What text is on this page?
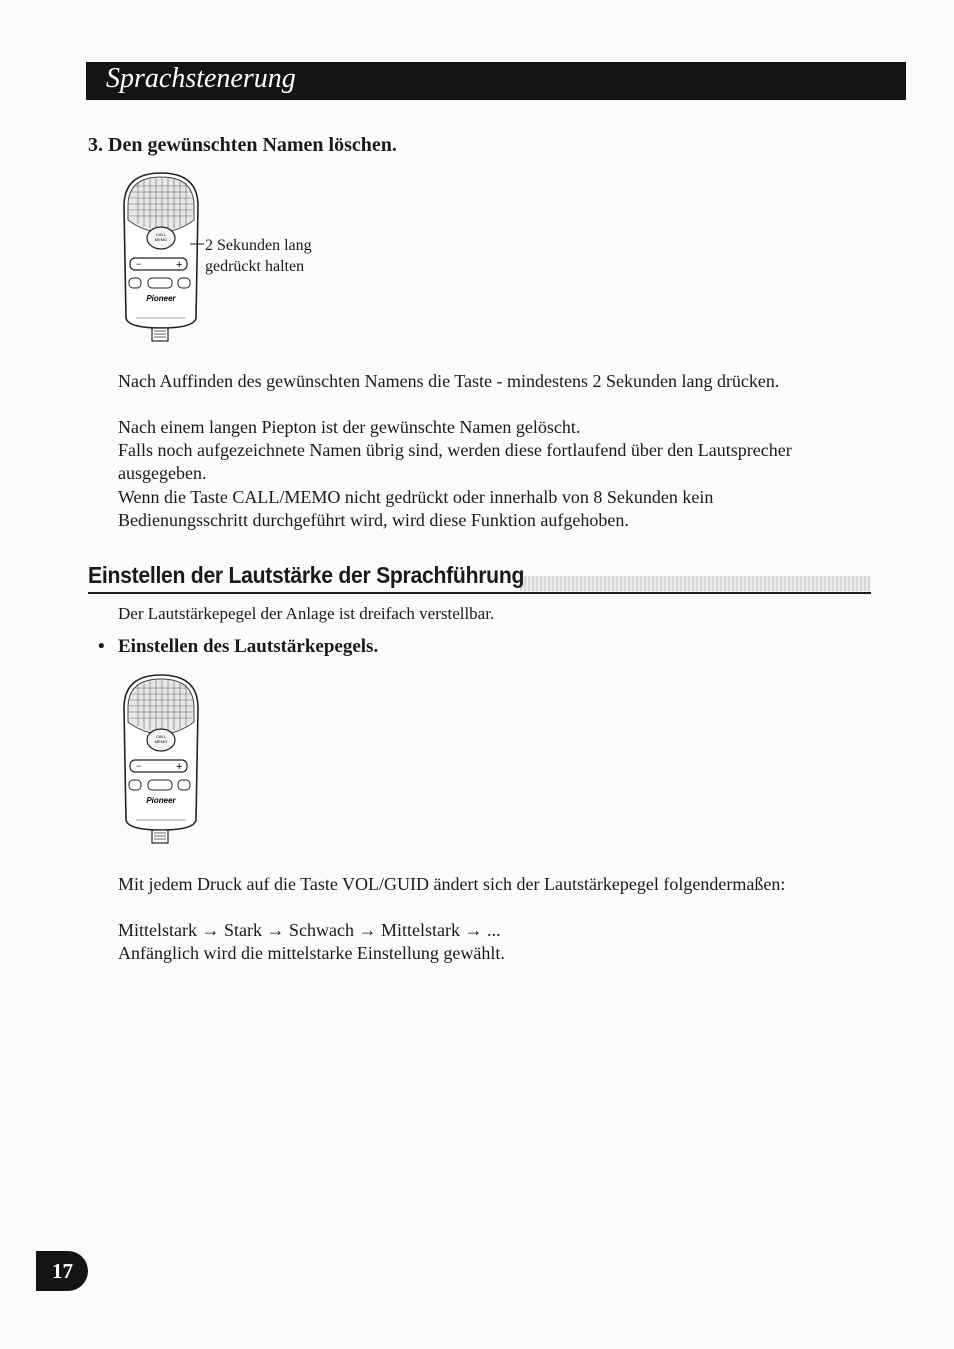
Sprachstenerung
3. Den gewünschten Namen löschen.
CALL
MEMO
+
−
Pioneer
2 Sekunden lang
gedrückt halten

Nach Auffinden des gewünschten Namens die Taste - mindestens 2 Sekunden lang drücken.

Nach einem langen Piepton ist der gewünschte Namen gelöscht.

Falls noch aufgezeichnete Namen übrig sind, werden diese fortlaufend über den Lautsprecher ausgegeben.

Wenn die Taste CALL/MEMO nicht gedrückt oder innerhalb von 8 Sekunden kein Bedienungsschritt durchgeführt wird, wird diese Funktion aufgehoben.

Einstellen der Lautstärke der Sprachführung

Der Lautstärkepegel der Anlage ist dreifach verstellbar.

• Einstellen des Lautstärkepegels.
CALL
MEMO
+
−
Pioneer

Mit jedem Druck auf die Taste VOL/GUID ändert sich der Lautstärkepegel folgendermaßen:

Mittelstark → Stark → Schwach → Mittelstark → ...

Anfänglich wird die mittelstarke Einstellung gewählt.

17
